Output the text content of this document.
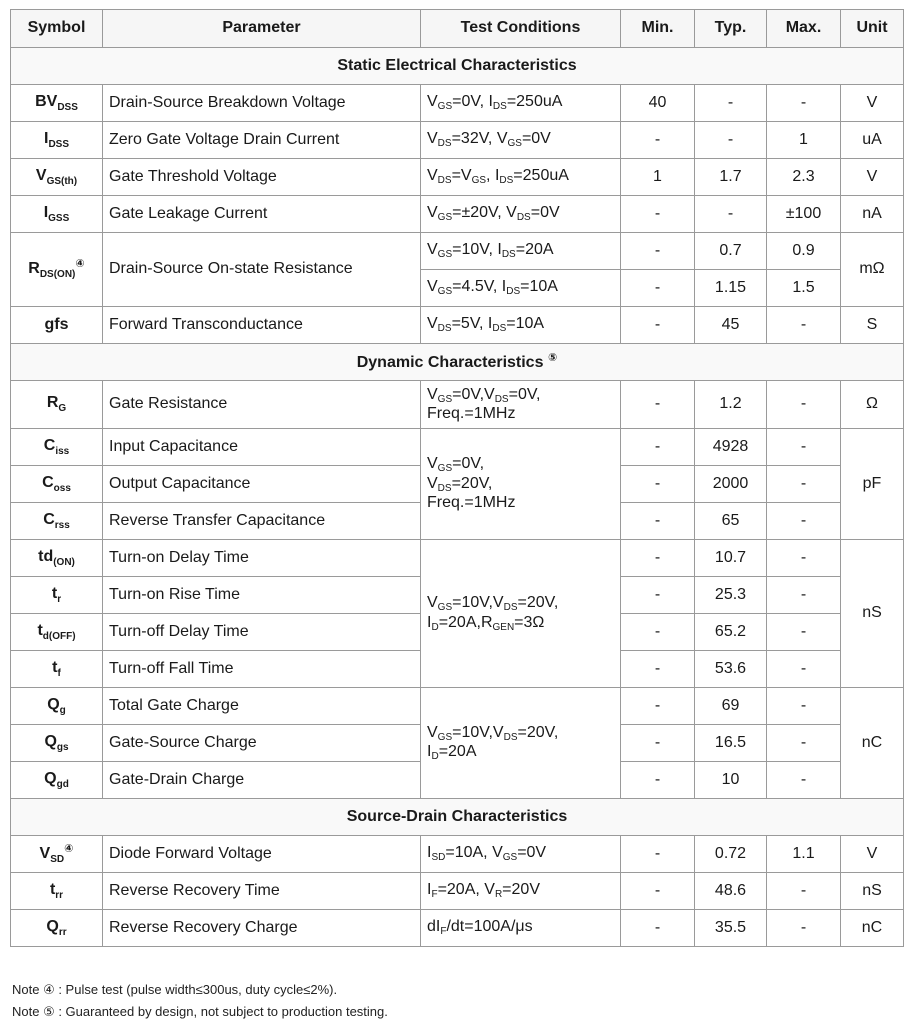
Symbol	Parameter	Test Conditions	Min.	Typ.	Max.	Unit
Static Electrical Characteristics						
$BV_{DSS}$	Drain-Source Breakdown Voltage	VGS=0V, IDS=250uA	40	-	-	V
$I_{DSS}$	Zero Gate Voltage Drain Current	VDS=32V, VGS=0V	-	-	1	uA
$V_{GS(th)}$	Gate Threshold Voltage	VDS=VGS, IDS=250uA	1	1.7	2.3	V
$I_{GSS}$	Gate Leakage Current	VGS=±20V, VDS=0V	-	-	±100	nA
$R_{DS(ON)}^④$	Drain-Source On-state Resistance	VGS=10V, IDS=20A	-	0.7	0.9	mΩ
		VGS=4.5V, IDS=10A	-	1.15	1.5	
gfs	Forward Transconductance	VDS=5V, IDS=10A	-	45	-	S
Dynamic Characteristics ⑤
$R_G$	Gate Resistance	VGS=0V,VDS=0V,
Freq.=1MHz	-	1.2	-	Ω
$C_{iss}$	Input Capacitance	VGS=0V,
VDS=20V,
Freq.=1MHz	-	4928	-	pF
$C_{oss}$	Output Capacitance		-	2000	-	
$C_{rss}$	Reverse Transfer Capacitance		-	65	-	
$td_{(ON)}$	Turn-on Delay Time	VGS=10V,VDS=20V,
ID=20A,RGEN=3Ω	-	10.7	-	nS
$t_r$	Turn-on Rise Time		-	25.3	-	
$t_{d(OFF)}$	Turn-off Delay Time		-	65.2	-	
$t_f$	Turn-off Fall Time		-	53.6	-	
$Q_g$	Total Gate Charge	VGS=10V,VDS=20V,
ID=20A	-	69	-	nC
$Q_{gs}$	Gate-Source Charge		-	16.5	-	
$Q_{gd}$	Gate-Drain Charge		-	10	-	
Source-Drain Characteristics						
$V_{SD}^④$	Diode Forward Voltage	ISD=10A, VGS=0V	-	0.72	1.1	V
$t_{rr}$	Reverse Recovery Time	IF=20A, VR=20V	-	48.6	-	nS
$Q_{rr}$	Reverse Recovery Charge	dIF/dt=100A/μs	-	35.5	-	nC
Note ④ : Pulse test (pulse width≤300us, duty cycle≤2%).
Note ⑤ : Guaranteed by design, not subject to production testing.
